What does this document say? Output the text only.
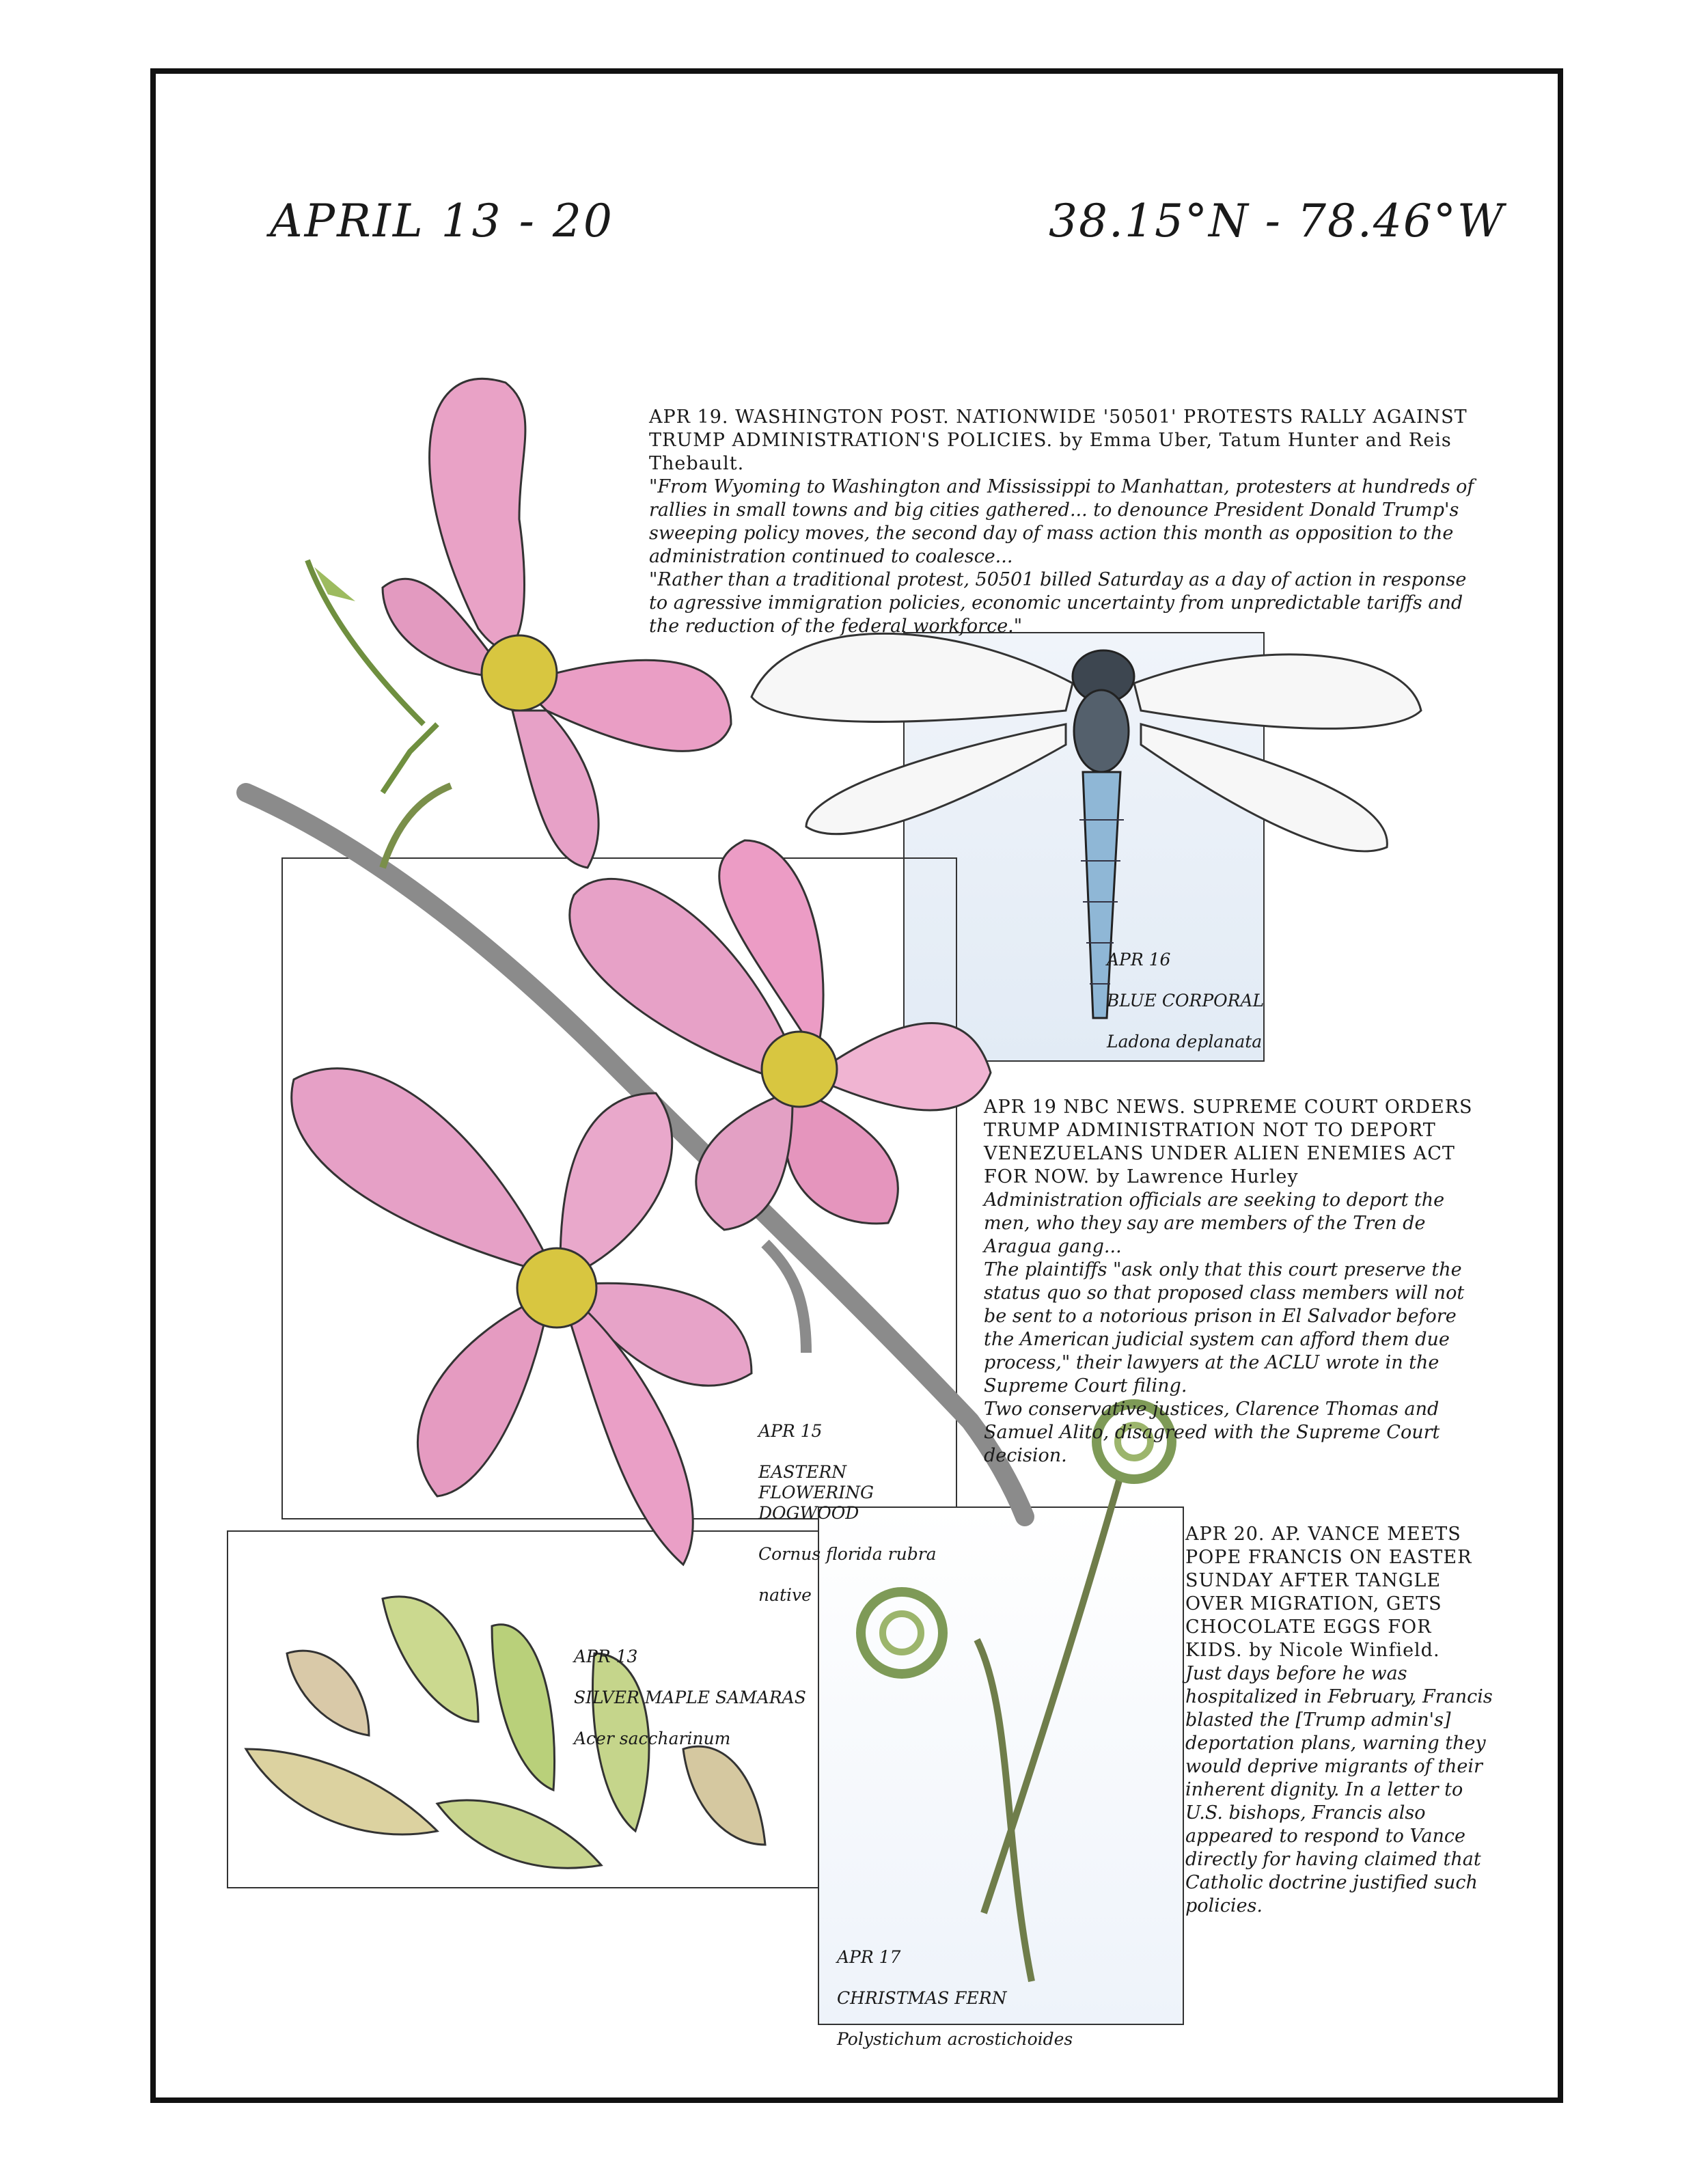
APRIL 13 - 20	38.15°N - 78.46°W

APR 19. WASHINGTON POST. NATIONWIDE '50501' PROTESTS RALLY AGAINST TRUMP ADMINISTRATION'S POLICIES. by Emma Uber, Tatum Hunter and Reis Thebault.
"From Wyoming to Washington and Mississippi to Manhattan, protesters at hundreds of rallies in small towns and big cities gathered... to denounce President Donald Trump's sweeping policy moves, the second day of mass action this month as opposition to the administration continued to coalesce...
"Rather than a traditional protest, 50501 billed Saturday as a day of action in response to agressive immigration policies, economic uncertainty from unpredictable tariffs and the reduction of the federal workforce."

APR 19 NBC NEWS. SUPREME COURT ORDERS TRUMP ADMINISTRATION NOT TO DEPORT VENEZUELANS UNDER ALIEN ENEMIES ACT FOR NOW. by Lawrence Hurley
Administration officials are seeking to deport the men, who they say are members of the Tren de Aragua gang...
The plaintiffs "ask only that this court preserve the status quo so that proposed class members will not be sent to a notorious prison in El Salvador before the American judicial system can afford them due process," their lawyers at the ACLU wrote in the Supreme Court filing.
Two conservative justices, Clarence Thomas and Samuel Alito, disagreed with the Supreme Court decision.

APR 20. AP. VANCE MEETS POPE FRANCIS ON EASTER SUNDAY AFTER TANGLE OVER MIGRATION, GETS CHOCOLATE EGGS FOR KIDS. by Nicole Winfield.
Just days before he was hospitalized in February, Francis blasted the [Trump admin's] deportation plans, warning they would deprive migrants of their inherent dignity. In a letter to U.S. bishops, Francis also appeared to respond to Vance directly for having claimed that Catholic doctrine justified such policies.

APR 16

BLUE CORPORAL

Ladona deplanata

APR 15

EASTERN FLOWERING DOGWOOD

Cornus florida rubra

native

APR 13

SILVER MAPLE SAMARAS

Acer saccharinum

APR 17

CHRISTMAS FERN

Polystichum acrostichoides
